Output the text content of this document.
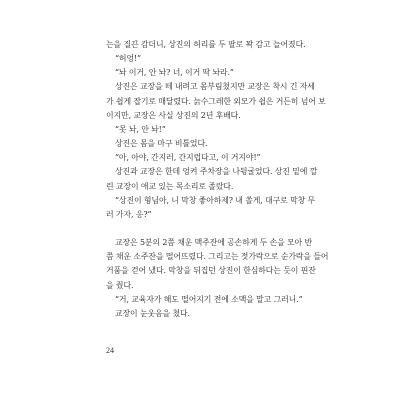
는을 질끈 감더니, 상진의 허리를 두 팔로 꽉 감고 늘어졌다.
“허엉!”
“놔 이거, 안 놔? 너, 이거 딱 놔라.”
상진은 교장을 떼 내려고 몸부림쳤지만 교장은 착시 긴 자세
가 쉽게 잡기로 매달렸다. 늙수그레한 외모가 쉽은 거든히 넘어 보
이지만, 교장은 사실 상진의 2년 후배다.
“못 놔, 안 놔!”
상진은 몸을 마구 비틀었다.
“아, 아야, 간지러, 간지럽다고, 이 거지야!”
상진과 교장은 한데 엉켜 주차장을 나뒹굴었다. 상진 밑에 깔
린 교장이 애교 있는 목소리로 졸랐다.
“상진이 형님아, 니 막창 좋아하제? 내 쏠게, 대구로 막창 무
러 가자, 응?”
교장은 5분의 2쯤 채운 맥주잔에 공손하게 두 손을 모아 반
쯤 채운 소주잔을 떨어뜨렸다. 그리고는 젓가락으로 순가락을 들어
거품을 걷어 냈다. 막창을 뒤집던 상진이 한심하다는 듯이 핀잔
을 줬다.
“거, 교육자가 해도 떨어지기 전에 소맥을 말고 그러니.”
교장이 눈웃음을 쳤다.
24
